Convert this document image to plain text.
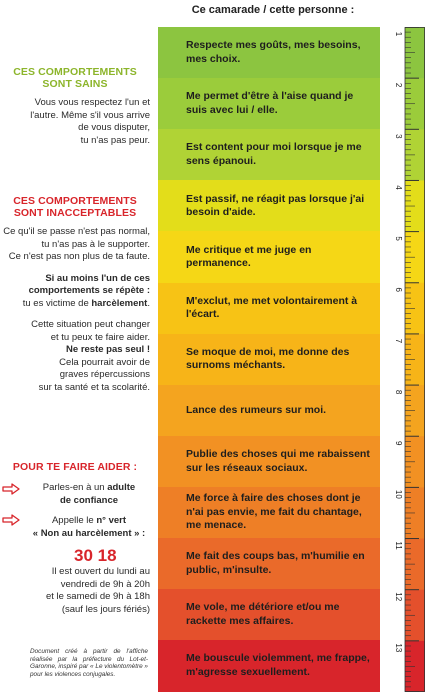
Ce camarade / cette personne :
Respecte mes goûts, mes besoins, mes choix.
Me permet d'être à l'aise quand je suis avec lui / elle.
Est content pour moi lorsque je me sens épanoui.
Est passif, ne réagit pas lorsque j'ai besoin d'aide.
Me critique et me juge en permanence.
M'exclut, me met volontairement à l'écart.
Se moque de moi, me donne des surnoms méchants.
Lance des rumeurs sur moi.
Publie des choses qui me rabaissent sur les réseaux sociaux.
Me force à faire des choses dont je n'ai pas envie, me fait du chantage, me menace.
Me fait des coups bas, m'humilie en public, m'insulte.
Me vole, me détériore et/ou me rackette mes affaires.
Me bouscule violemment, me frappe, m'agresse sexuellement.
1
2
3
4
5
6
7
8
9
10
11
12
13
CES COMPORTEMENTS
SONT SAINS
Vous vous respectez l'un et
l'autre. Même s'il vous arrive
de vous disputer,
tu n'as pas peur.
CES COMPORTEMENTS
SONT INACCEPTABLES
Ce qu'il se passe n'est pas normal,
tu n'as pas à le supporter.
Ce n'est pas non plus de ta faute.
Si au moins l'un de ces
comportements se répète :
tu es victime de harcèlement.
Cette situation peut changer
et tu peux te faire aider.
Ne reste pas seul !
Cela pourrait avoir de
graves répercussions
sur ta santé et ta scolarité.
POUR TE FAIRE AIDER :
Parles-en à un adulte
de confiance
Appelle le n° vert
« Non au harcèlement » :
30 18
Il est ouvert du lundi au
vendredi de 9h à 20h
et le samedi de 9h à 18h
(sauf les jours fériés)
Document créé à partir de l'affiche réalisée par la préfecture du Lot-et-Garonne, inspiré par « Le violentomètre » pour les violences conjugales.
